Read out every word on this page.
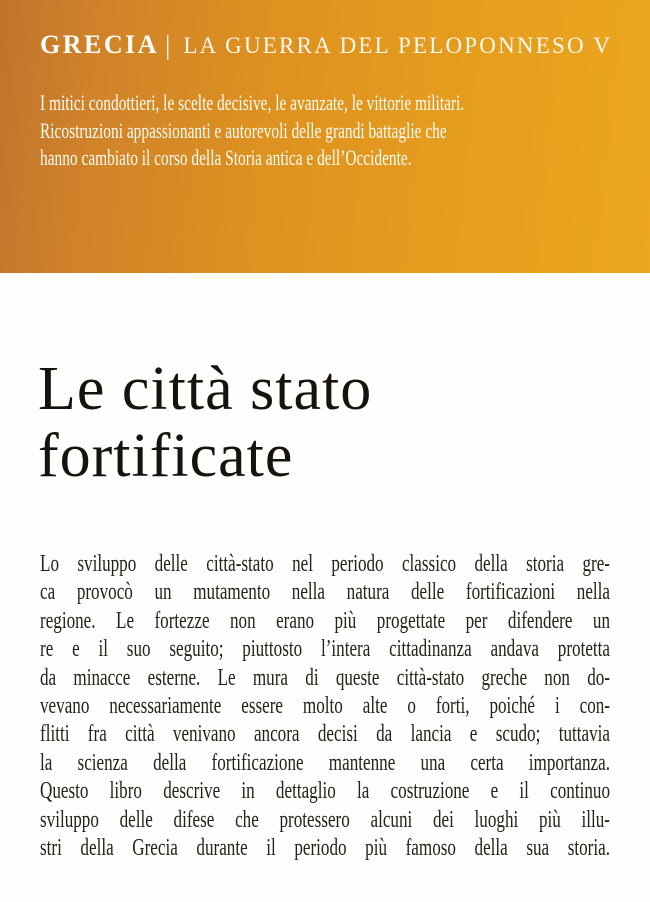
GRECIA | LA GUERRA DEL PELOPONNESO V
I mitici condottieri, le scelte decisive, le avanzate, le vittorie militari.
Ricostruzioni appassionanti e autorevoli delle grandi battaglie che
hanno cambiato il corso della Storia antica e dell’Occidente.
Le città stato
fortificate
Lo sviluppo delle città-stato nel periodo classico della storia gre-
ca provocò un mutamento nella natura delle fortificazioni nella
regione. Le fortezze non erano più progettate per difendere un
re e il suo seguito; piuttosto l’intera cittadinanza andava protetta
da minacce esterne. Le mura di queste città-stato greche non do-
vevano necessariamente essere molto alte o forti, poiché i con-
flitti fra città venivano ancora decisi da lancia e scudo; tuttavia
la scienza della fortificazione mantenne una certa importanza.
Questo libro descrive in dettaglio la costruzione e il continuo
sviluppo delle difese che protessero alcuni dei luoghi più illu-
stri della Grecia durante il periodo più famoso della sua storia.
